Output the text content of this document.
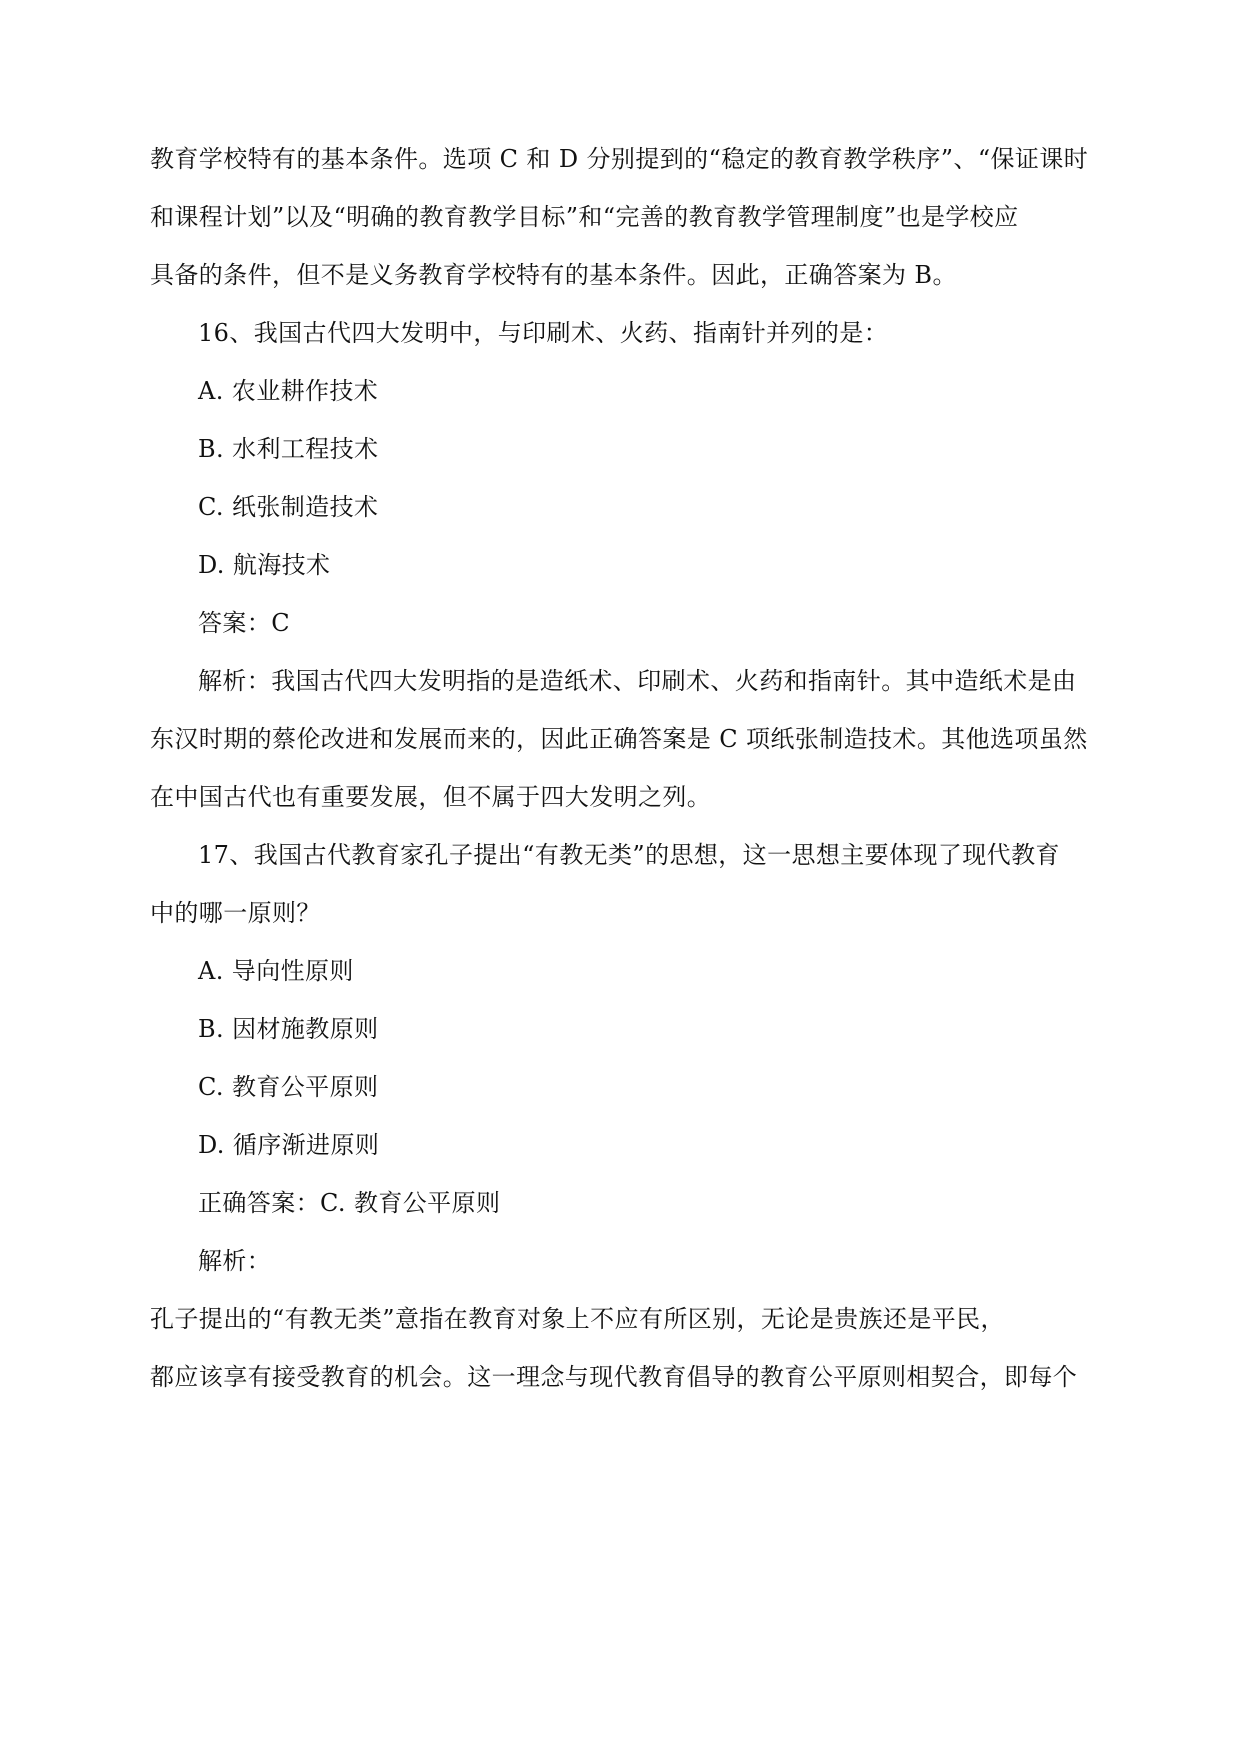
教育学校特有的基本条件。选项 C 和 D 分别提到的“稳定的教育教学秩序”、“保证课时
和课程计划”以及“明确的教育教学目标”和“完善的教育教学管理制度”也是学校应
具备的条件，但不是义务教育学校特有的基本条件。因此，正确答案为 B。
16、我国古代四大发明中，与印刷术、火药、指南针并列的是：
A. 农业耕作技术
B. 水利工程技术
C. 纸张制造技术
D. 航海技术
答案：C
解析：我国古代四大发明指的是造纸术、印刷术、火药和指南针。其中造纸术是由
东汉时期的蔡伦改进和发展而来的，因此正确答案是 C 项纸张制造技术。其他选项虽然
在中国古代也有重要发展，但不属于四大发明之列。
17、我国古代教育家孔子提出“有教无类”的思想，这一思想主要体现了现代教育
中的哪一原则？
A. 导向性原则
B. 因材施教原则
C. 教育公平原则
D. 循序渐进原则
正确答案：C. 教育公平原则
解析：
孔子提出的“有教无类”意指在教育对象上不应有所区别，无论是贵族还是平民，
都应该享有接受教育的机会。这一理念与现代教育倡导的教育公平原则相契合，即每个
